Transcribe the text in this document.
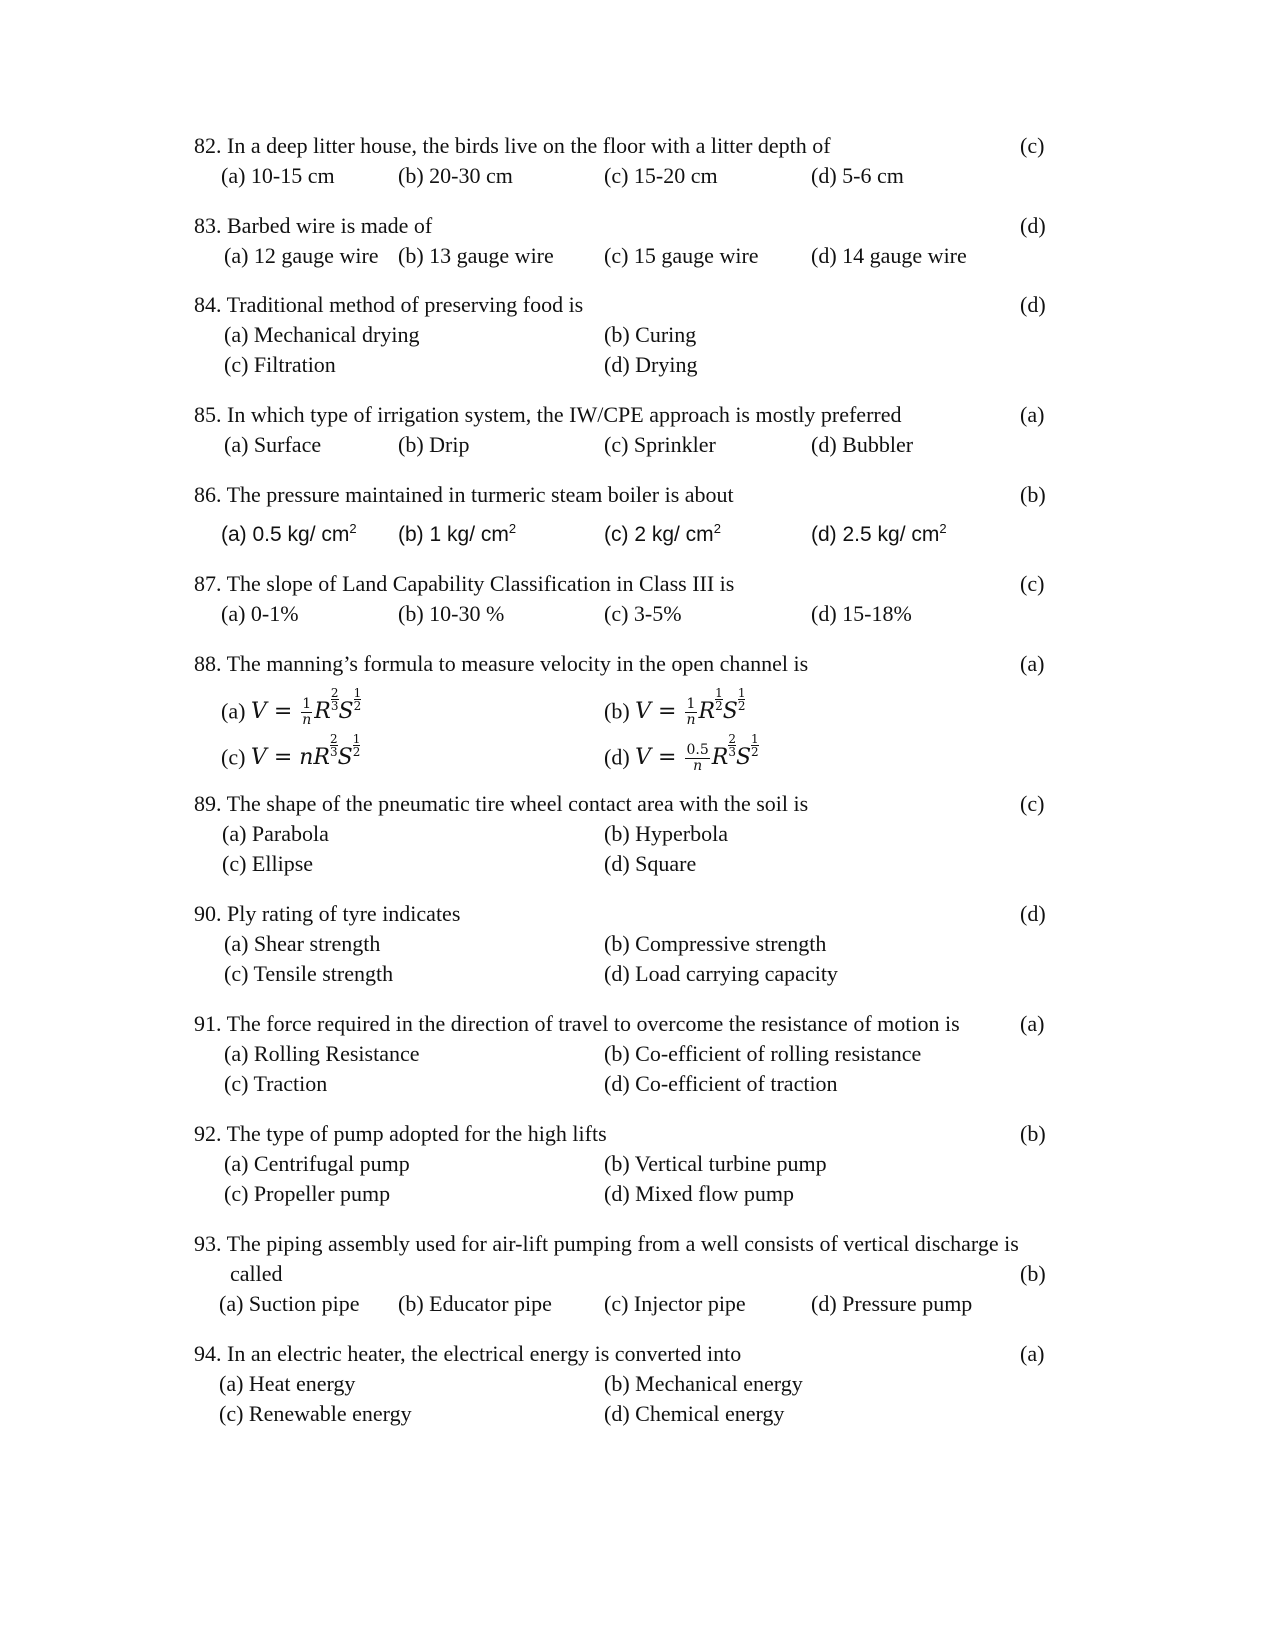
82. In a deep litter house, the birds live on the floor with a litter depth of	(c)
(a) 10-15 cm	(b) 20-30 cm	(c) 15-20 cm	(d) 5-6 cm
83. Barbed wire is made of	(d)
(a) 12 gauge wire (b) 13 gauge wire (c) 15 gauge wire (d) 14 gauge wire
84. Traditional method of preserving food is	(d)
(a) Mechanical drying	(b) Curing
(c) Filtration	(d) Drying
85. In which type of irrigation system, the IW/CPE approach is mostly preferred	(a)
(a) Surface	(b) Drip	(c) Sprinkler	(d) Bubbler
86. The pressure maintained in turmeric steam boiler is about	(b)
(a) 0.5 kg/ $cm^2$ (b) 1 kg/ $cm^2$	(c) 2 kg/ $cm^2$	(d) 2.5 kg/ $cm^2$
87. The slope of Land Capability Classification in Class III is	(c)
(a) 0-1%	(b) 10-30 %	(c) 3-5%	(d) 15-18%
88. The manning’s formula to measure velocity in the open channel is	(a)
(a) $V = \frac{1}{n}$ R $\frac{2}{3}$ S $\frac{1}{2}$	(b) $V = \frac{1}{n}$ R $\frac{1}{2}$ S $\frac{1}{2}$
(c) V = nR $\frac{2}{3}$ S $\frac{1}{2}$	(d) $V = \frac{0.5}{n}$ R $\frac{2}{3}$ S $\frac{1}{2}$
89. The shape of the pneumatic tire wheel contact area with the soil is	(c)
(a) Parabola	(b) Hyperbola
(c) Ellipse	(d) Square
90. Ply rating of tyre indicates	(d)
(a) Shear strength	(b) Compressive strength
(c) Tensile strength	(d) Load carrying capacity
91. The force required in the direction of travel to overcome the resistance of motion is	(a)
(a) Rolling Resistance	(b) Co-efficient of rolling resistance
(c) Traction	(d) Co-efficient of traction
92. The type of pump adopted for the high lifts	(b)
(a) Centrifugal pump	(b) Vertical turbine pump
(c) Propeller pump	(d) Mixed flow pump
93. The piping assembly used for air-lift pumping from a well consists of vertical discharge is
called	(b)
(a) Suction pipe (b) Educator pipe (c) Injector pipe	(d) Pressure pump
94. In an electric heater, the electrical energy is converted into	(a)
(a) Heat energy	(b) Mechanical energy
(c) Renewable energy	(d) Chemical energy
